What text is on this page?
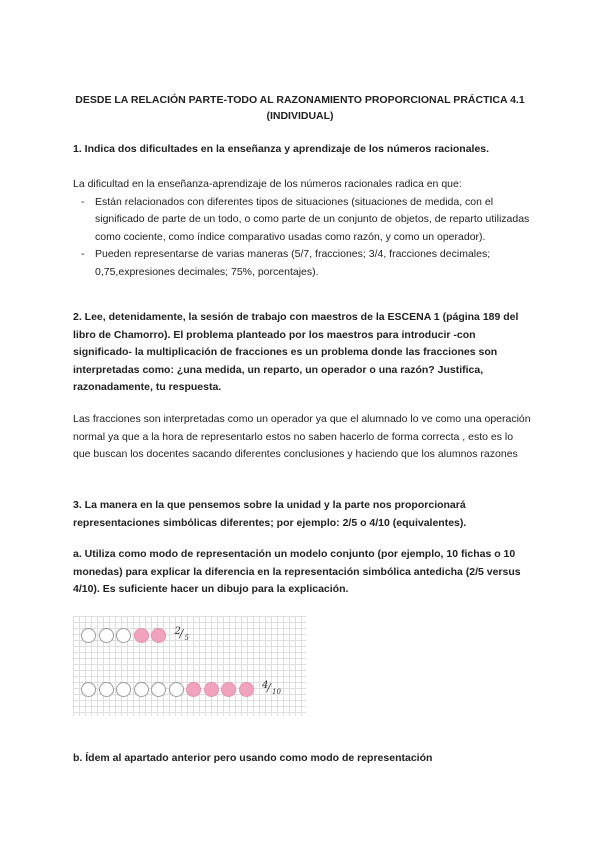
DESDE LA RELACIÓN PARTE-TODO AL RAZONAMIENTO PROPORCIONAL PRÁCTICA 4.1
(INDIVIDUAL)
1. Indica dos dificultades en la enseñanza y aprendizaje de los números racionales.
La dificultad en la enseñanza-aprendizaje de los números racionales radica en que:
- Están relacionados con diferentes tipos de situaciones (situaciones de medida, con el significado de parte de un todo, o como parte de un conjunto de objetos, de reparto utilizadas como cociente, como índice comparativo usadas como razón, y como un operador).
- Pueden representarse de varias maneras (5/7, fracciones; 3/4, fracciones decimales; 0,75,expresiones decimales; 75%, porcentajes).
2. Lee, detenidamente, la sesión de trabajo con maestros de la ESCENA 1 (página 189 del libro de Chamorro). El problema planteado por los maestros para introducir -con significado- la multiplicación de fracciones es un problema donde las fracciones son interpretadas como: ¿una medida, un reparto, un operador o una razón? Justifica, razonadamente, tu respuesta.
Las fracciones son interpretadas como un operador ya que el alumnado lo ve como una operación normal ya que a la hora de representarlo estos no saben hacerlo de forma correcta , esto es lo que buscan los docentes sacando diferentes conclusiones y haciendo que los alumnos razones
3. La manera en la que pensemos sobre la unidad y la parte nos proporcionará representaciones simbólicas diferentes; por ejemplo: 2/5 o 4/10 (equivalentes).
a. Utiliza como modo de representación un modelo conjunto (por ejemplo, 10 fichas o 10 monedas) para explicar la diferencia en la representación simbólica antedicha (2/5 versus 4/10). Es suficiente hacer un dibujo para la explicación.
2
/ 5
4
/ 10
b. Ídem al apartado anterior pero usando como modo de representación
